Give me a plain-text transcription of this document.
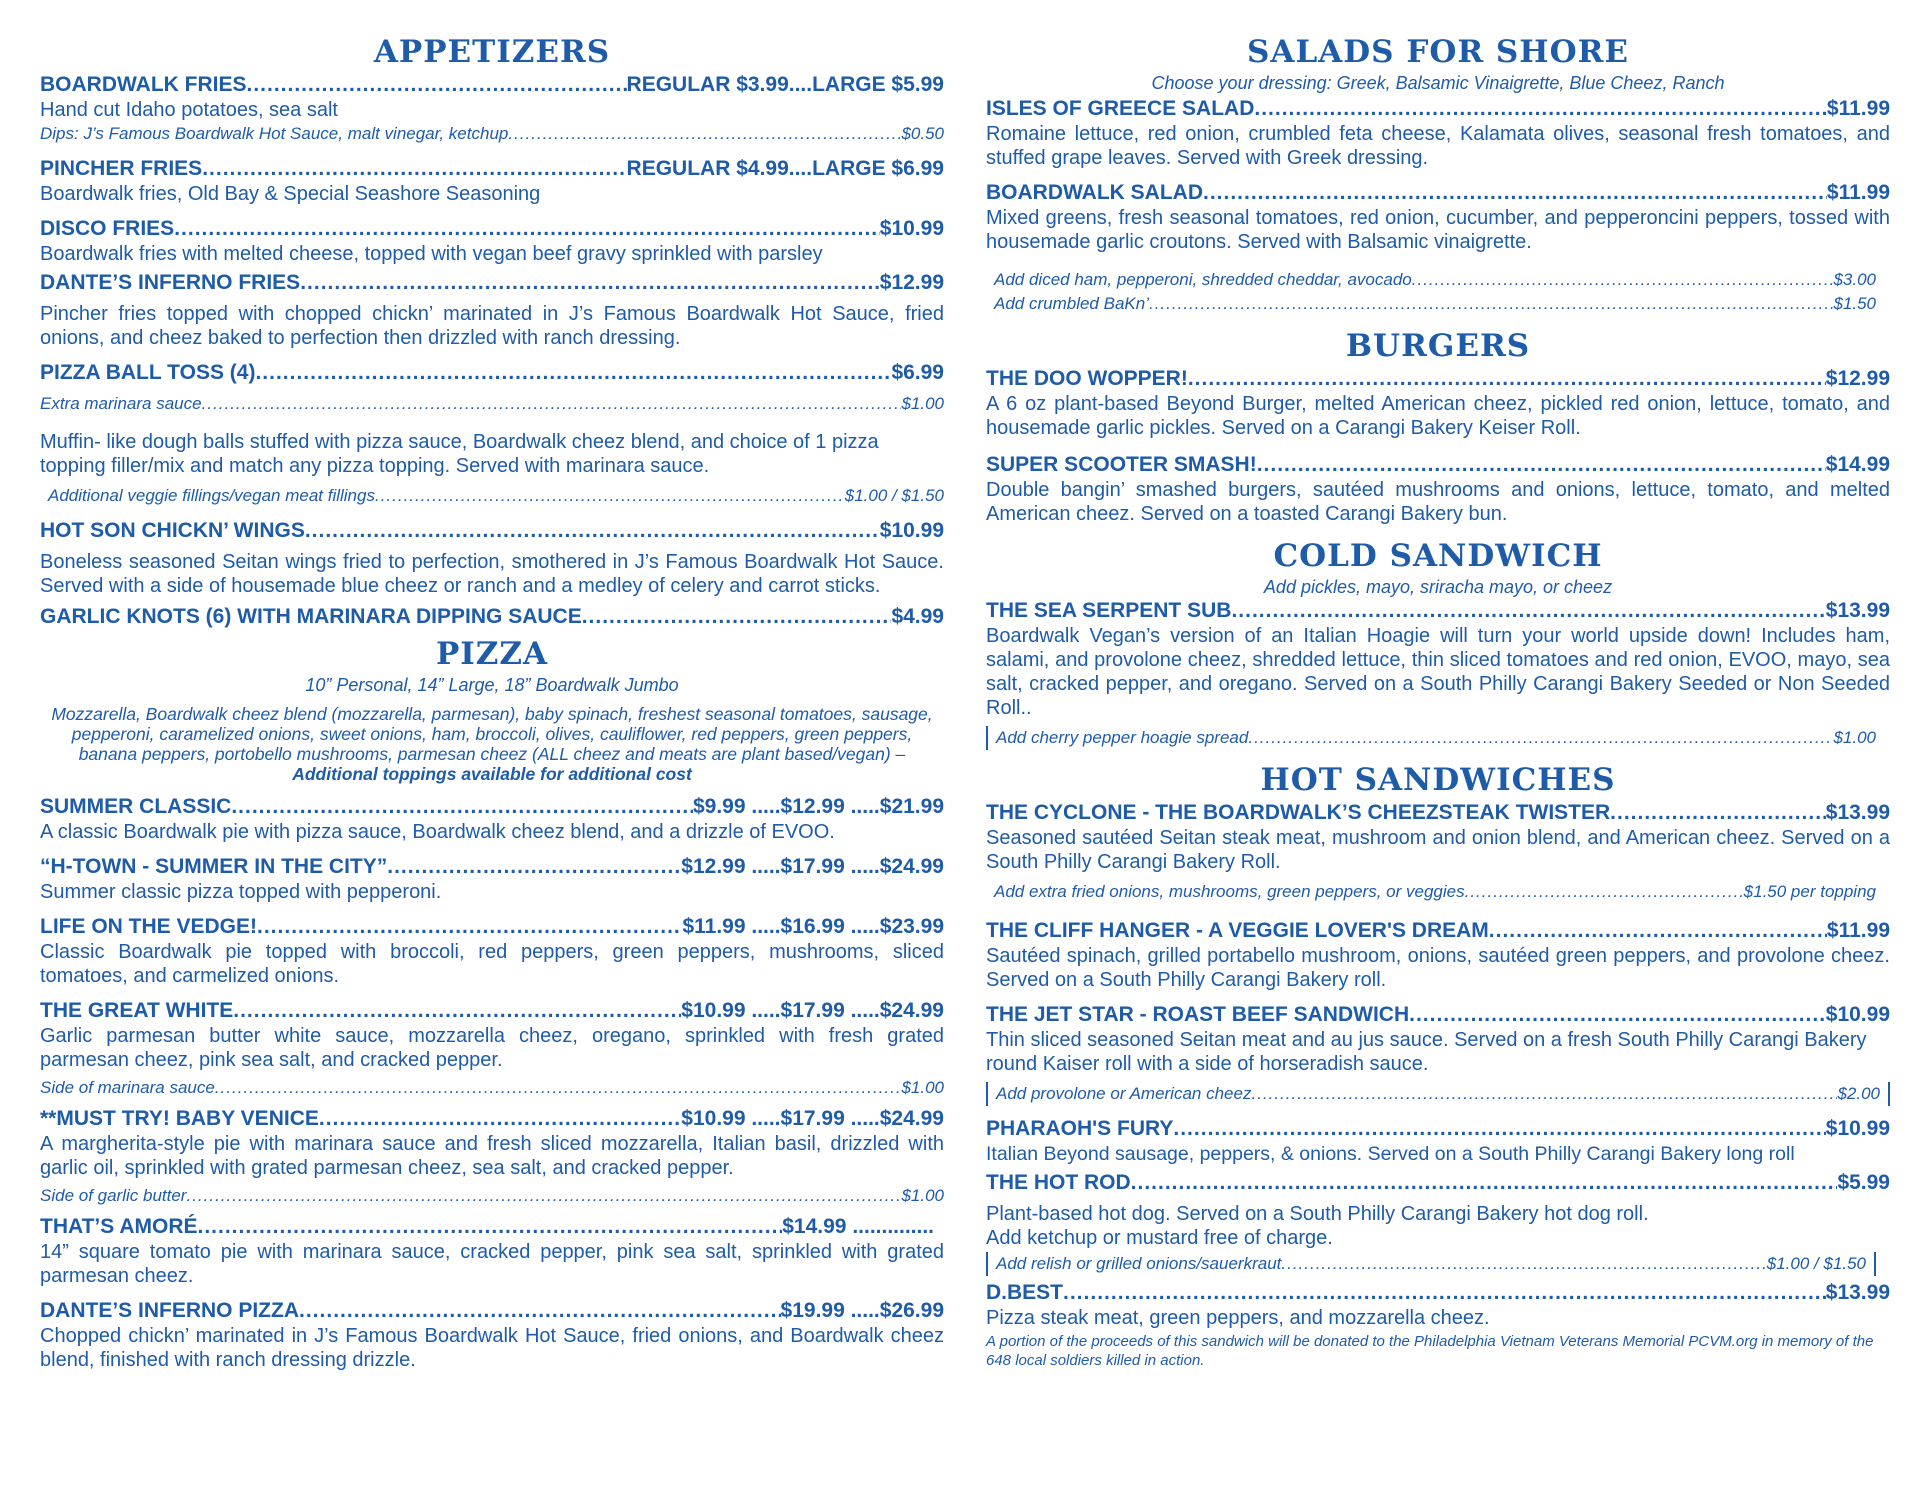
APPETIZERS
BOARDWALK FRIES .....	REGULAR $3.99....LARGE $5.99
Hand cut Idaho potatoes, sea salt
Dips: J’s Famous Boardwalk Hot Sauce, malt vinegar, ketchup .....	$0.50
PINCHER FRIES .....	REGULAR $4.99....LARGE $6.99
Boardwalk fries, Old Bay & Special Seashore Seasoning
DISCO FRIES .....	$10.99
Boardwalk fries with melted cheese, topped with vegan beef gravy sprinkled with parsley
DANTE’S INFERNO FRIES .....	$12.99
Pincher fries topped with chopped chickn’ marinated in J’s Famous Boardwalk Hot Sauce, fried onions, and cheez baked to perfection then drizzled with ranch dressing.
PIZZA BALL TOSS (4) .....	$6.99
Extra marinara sauce .....	$1.00
Muffin- like dough balls stuffed with pizza sauce, Boardwalk cheez blend, and choice of 1 pizza topping filler/mix and match any pizza topping. Served with marinara sauce.
Additional veggie fillings/vegan meat fillings .....	$1.00 / $1.50
HOT SON CHICKN’ WINGS .....	$10.99
Boneless seasoned Seitan wings fried to perfection, smothered in J’s Famous Boardwalk Hot Sauce. Served with a side of housemade blue cheez or ranch and a medley of celery and carrot sticks.
GARLIC KNOTS (6) WITH MARINARA DIPPING SAUCE .....	$4.99
PIZZA
10” Personal, 14” Large, 18” Boardwalk Jumbo
Mozzarella, Boardwalk cheez blend (mozzarella, parmesan), baby spinach, freshest seasonal tomatoes, sausage, pepperoni, caramelized onions, sweet onions, ham, broccoli, olives, cauliflower, red peppers, green peppers, banana peppers, portobello mushrooms, parmesan cheez (ALL cheez and meats are plant based/vegan) – Additional toppings available for additional cost
SUMMER CLASSIC .....	$9.99 .....$12.99 .....$21.99
A classic Boardwalk pie with pizza sauce, Boardwalk cheez blend, and a drizzle of EVOO.
“H-TOWN - SUMMER IN THE CITY” .....	$12.99 .....$17.99 .....$24.99
Summer classic pizza topped with pepperoni.
LIFE ON THE VEDGE! .....	$11.99 .....$16.99 .....$23.99
Classic Boardwalk pie topped with broccoli, red peppers, green peppers, mushrooms, sliced tomatoes, and carmelized onions.
THE GREAT WHITE .....	$10.99 .....$17.99 .....$24.99
Garlic parmesan butter white sauce, mozzarella cheez, oregano, sprinkled with fresh grated parmesan cheez, pink sea salt, and cracked pepper.
Side of marinara sauce .....	$1.00
**MUST TRY! BABY VENICE .....	$10.99 .....$17.99 .....$24.99
A margherita-style pie with marinara sauce and fresh sliced mozzarella, Italian basil, drizzled with garlic oil, sprinkled with grated parmesan cheez, sea salt, and cracked pepper.
Side of garlic butter .....	$1.00
THAT’S AMORÉ .....	$14.99 ..............
14” square tomato pie with marinara sauce, cracked pepper, pink sea salt, sprinkled with grated parmesan cheez.
DANTE’S INFERNO PIZZA .....	$19.99 .....$26.99
Chopped chickn’ marinated in J’s Famous Boardwalk Hot Sauce, fried onions, and Boardwalk cheez blend, finished with ranch dressing drizzle.
SALADS FOR SHORE
Choose your dressing: Greek, Balsamic Vinaigrette, Blue Cheez, Ranch
ISLES OF GREECE SALAD .....	$11.99
Romaine lettuce, red onion, crumbled feta cheese, Kalamata olives, seasonal fresh tomatoes, and stuffed grape leaves. Served with Greek dressing.
BOARDWALK SALAD .....	$11.99
Mixed greens, fresh seasonal tomatoes, red onion, cucumber, and pepperoncini peppers, tossed with housemade garlic croutons. Served with Balsamic vinaigrette.
Add diced ham, pepperoni, shredded cheddar, avocado .....	$3.00
Add crumbled BaKn’ .....	$1.50
BURGERS
THE DOO WOPPER! .....	$12.99
A 6 oz plant-based Beyond Burger, melted American cheez, pickled red onion, lettuce, tomato, and housemade garlic pickles. Served on a Carangi Bakery Keiser Roll.
SUPER SCOOTER SMASH! .....	$14.99
Double bangin’ smashed burgers, sautéed mushrooms and onions, lettuce, tomato, and melted American cheez. Served on a toasted Carangi Bakery bun.
COLD SANDWICH
Add pickles, mayo, sriracha mayo, or cheez
THE SEA SERPENT SUB .....	$13.99
Boardwalk Vegan’s version of an Italian Hoagie will turn your world upside down! Includes ham, salami, and provolone cheez, shredded lettuce, thin sliced tomatoes and red onion, EVOO, mayo, sea salt, cracked pepper, and oregano. Served on a South Philly Carangi Bakery Seeded or Non Seeded Roll..
Add cherry pepper hoagie spread .....	$1.00
HOT SANDWICHES
THE CYCLONE - THE BOARDWALK’S CHEEZSTEAK TWISTER .....	$13.99
Seasoned sautéed Seitan steak meat, mushroom and onion blend, and American cheez. Served on a South Philly Carangi Bakery Roll.
Add extra fried onions, mushrooms, green peppers, or veggies .....	$1.50 per topping
THE CLIFF HANGER - A VEGGIE LOVER'S DREAM .....	$11.99
Sautéed spinach, grilled portabello mushroom, onions, sautéed green peppers, and provolone cheez. Served on a South Philly Carangi Bakery roll.
THE JET STAR - ROAST BEEF SANDWICH .....	$10.99
Thin sliced seasoned Seitan meat and au jus sauce. Served on a fresh South Philly Carangi Bakery round Kaiser roll with a side of horseradish sauce.
Add provolone or American cheez .....	$2.00
PHARAOH'S FURY .....	$10.99
Italian Beyond sausage, peppers, & onions. Served on a South Philly Carangi Bakery long roll
THE HOT ROD .....	$5.99
Plant-based hot dog. Served on a South Philly Carangi Bakery hot dog roll.
Add ketchup or mustard free of charge.
Add relish or grilled onions/sauerkraut .....	$1.00 / $1.50
D.BEST .....	$13.99
Pizza steak meat, green peppers, and mozzarella cheez.
A portion of the proceeds of this sandwich will be donated to the Philadelphia Vietnam Veterans Memorial PCVM.org in memory of the 648 local soldiers killed in action.
